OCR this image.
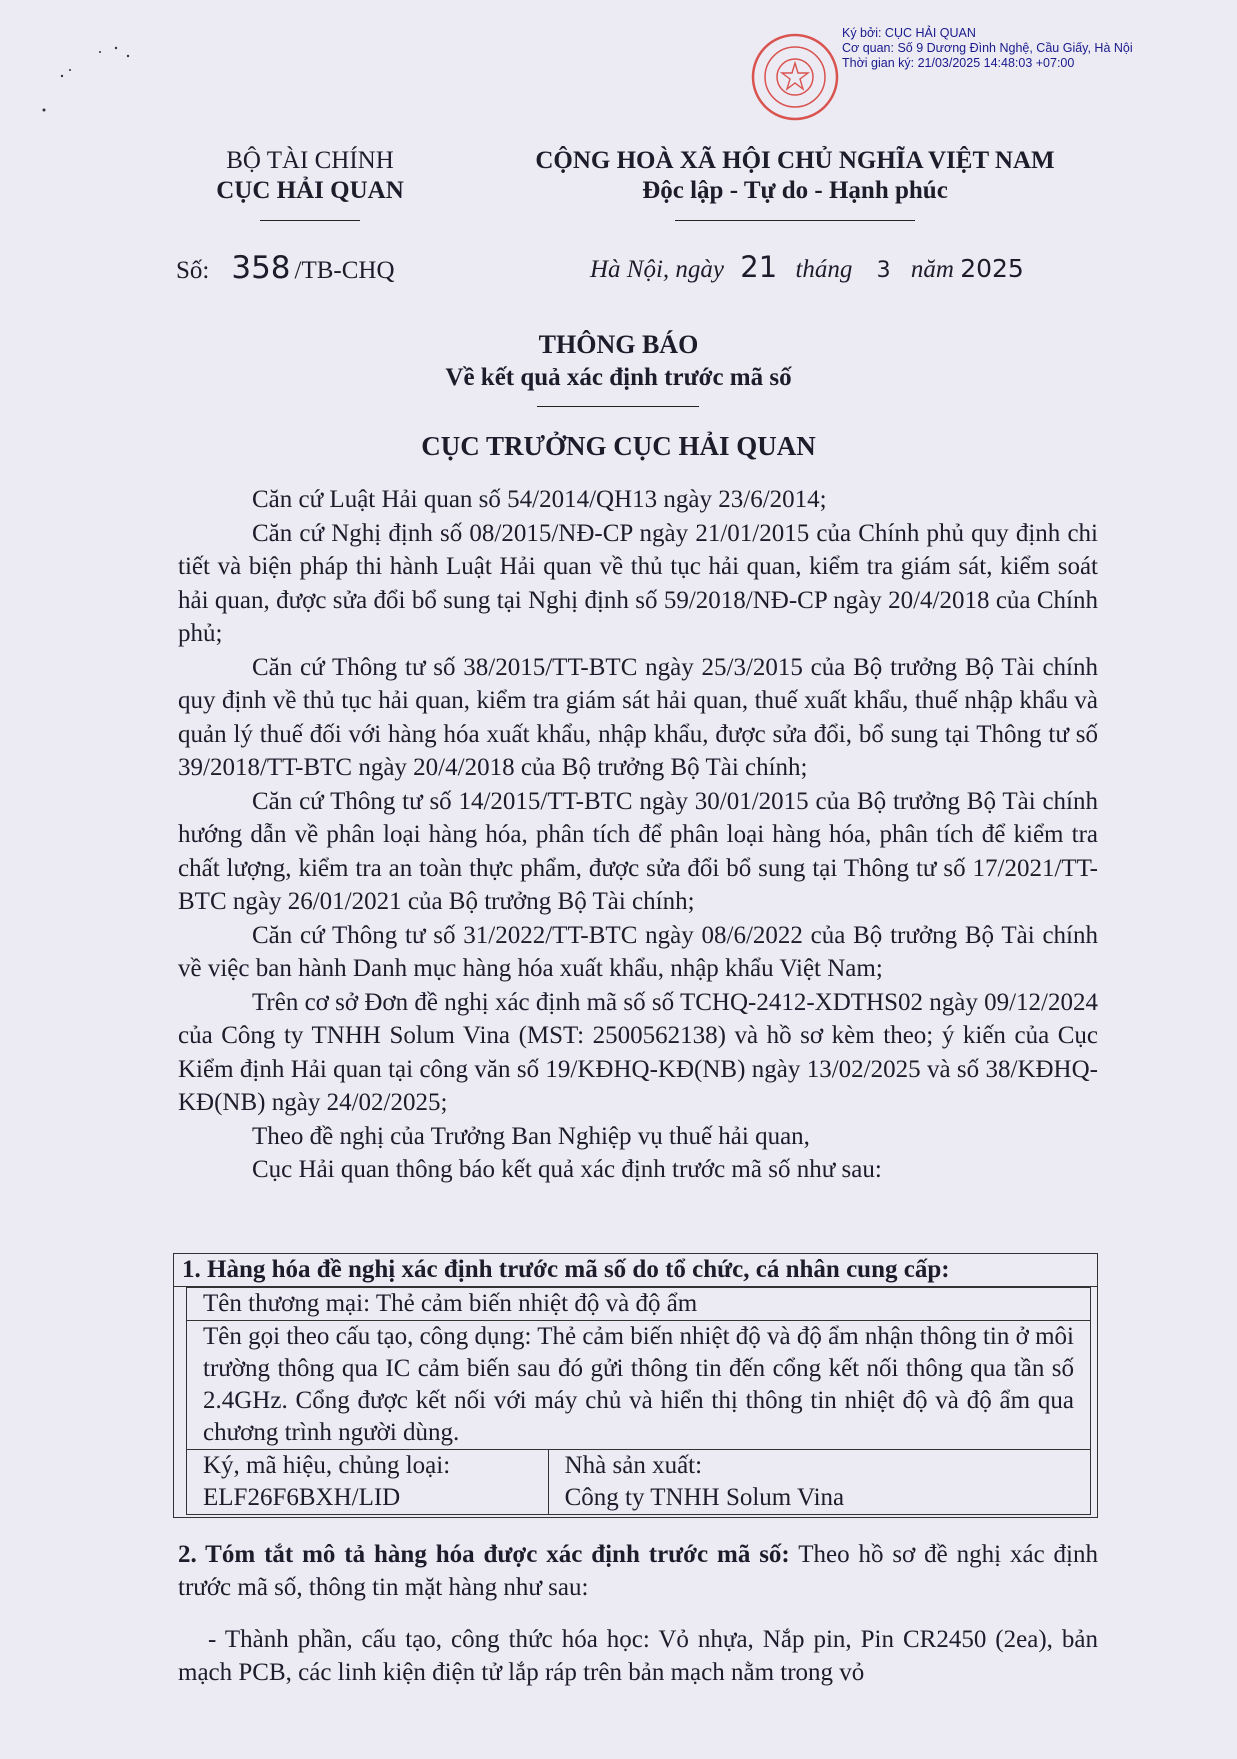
Ký bởi: CỤC HẢI QUAN
Cơ quan: Số 9 Dương Đình Nghệ, Cầu Giấy, Hà Nội
Thời gian ký: 21/03/2025 14:48:03 +07:00
BỘ TÀI CHÍNH
CỤC HẢI QUAN
CỘNG HOÀ XÃ HỘI CHỦ NGHĨA VIỆT NAM
Độc lập - Tự do - Hạnh phúc
Số: 358 /TB-CHQ	Hà Nội, ngày 21 tháng 3 năm 2025
THÔNG BÁO
Về kết quả xác định trước mã số
CỤC TRƯỞNG CỤC HẢI QUAN

Căn cứ Luật Hải quan số 54/2014/QH13 ngày 23/6/2014;

Căn cứ Nghị định số 08/2015/NĐ-CP ngày 21/01/2015 của Chính phủ quy định chi tiết và biện pháp thi hành Luật Hải quan về thủ tục hải quan, kiểm tra giám sát, kiểm soát hải quan, được sửa đổi bổ sung tại Nghị định số 59/2018/NĐ-CP ngày 20/4/2018 của Chính phủ;

Căn cứ Thông tư số 38/2015/TT-BTC ngày 25/3/2015 của Bộ trưởng Bộ Tài chính quy định về thủ tục hải quan, kiểm tra giám sát hải quan, thuế xuất khẩu, thuế nhập khẩu và quản lý thuế đối với hàng hóa xuất khẩu, nhập khẩu, được sửa đổi, bổ sung tại Thông tư số 39/2018/TT-BTC ngày 20/4/2018 của Bộ trưởng Bộ Tài chính;

Căn cứ Thông tư số 14/2015/TT-BTC ngày 30/01/2015 của Bộ trưởng Bộ Tài chính hướng dẫn về phân loại hàng hóa, phân tích để phân loại hàng hóa, phân tích để kiểm tra chất lượng, kiểm tra an toàn thực phẩm, được sửa đổi bổ sung tại Thông tư số 17/2021/TT-BTC ngày 26/01/2021 của Bộ trưởng Bộ Tài chính;

Căn cứ Thông tư số 31/2022/TT-BTC ngày 08/6/2022 của Bộ trưởng Bộ Tài chính về việc ban hành Danh mục hàng hóa xuất khẩu, nhập khẩu Việt Nam;

Trên cơ sở Đơn đề nghị xác định mã số số TCHQ-2412-XDTHS02 ngày 09/12/2024 của Công ty TNHH Solum Vina (MST: 2500562138) và hồ sơ kèm theo; ý kiến của Cục Kiểm định Hải quan tại công văn số 19/KĐHQ-KĐ(NB) ngày 13/02/2025 và số 38/KĐHQ-KĐ(NB) ngày 24/02/2025;

Theo đề nghị của Trưởng Ban Nghiệp vụ thuế hải quan,

Cục Hải quan thông báo kết quả xác định trước mã số như sau:

1. Hàng hóa đề nghị xác định trước mã số do tổ chức, cá nhân cung cấp:

Tên thương mại: Thẻ cảm biến nhiệt độ và độ ẩm
Tên gọi theo cấu tạo, công dụng: Thẻ cảm biến nhiệt độ và độ ẩm nhận thông tin ở môi trường thông qua IC cảm biến sau đó gửi thông tin đến cổng kết nối thông qua tần số 2.4GHz. Cổng được kết nối với máy chủ và hiển thị thông tin nhiệt độ và độ ẩm qua chương trình người dùng.

Ký, mã hiệu, chủng loại:
ELF26F6BXH/LID

Nhà sản xuất:
Công ty TNHH Solum Vina
2. Tóm tắt mô tả hàng hóa được xác định trước mã số: Theo hồ sơ đề nghị xác định trước mã số, thông tin mặt hàng như sau:

- Thành phần, cấu tạo, công thức hóa học: Vỏ nhựa, Nắp pin, Pin CR2450 (2ea), bản mạch PCB, các linh kiện điện tử lắp ráp trên bản mạch nằm trong vỏ
